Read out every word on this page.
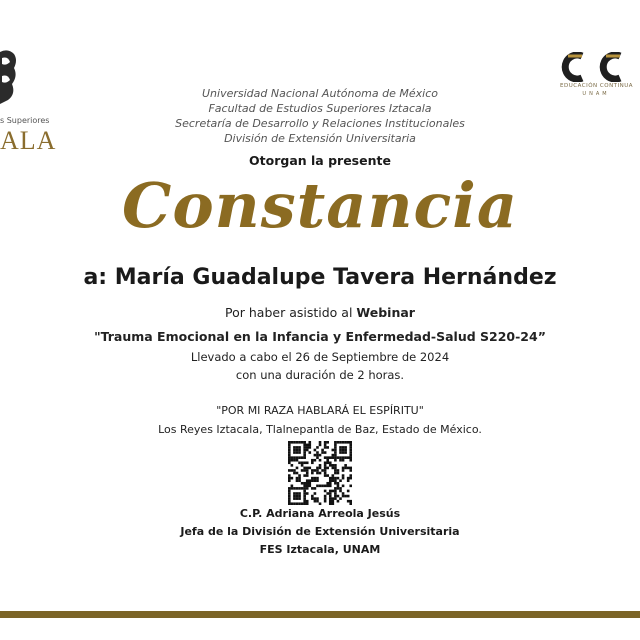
s Superiores
ALA
EDUCACIÓN CONTINUA
UNAM
Universidad Nacional Autónoma de México
Facultad de Estudios Superiores Iztacala
Secretaría de Desarrollo y Relaciones Institucionales
División de Extensión Universitaria
Otorgan la presente
Constancia
a: María Guadalupe Tavera Hernández
Por haber asistido al Webinar
"Trauma Emocional en la Infancia y Enfermedad-Salud S220-24”
Llevado a cabo el 26 de Septiembre de 2024
con una duración de 2 horas.
"POR MI RAZA HABLARÁ EL ESPÍRITU"
Los Reyes Iztacala, Tlalnepantla de Baz, Estado de México.
C.P. Adriana Arreola Jesús
Jefa de la División de Extensión Universitaria
FES Iztacala, UNAM
